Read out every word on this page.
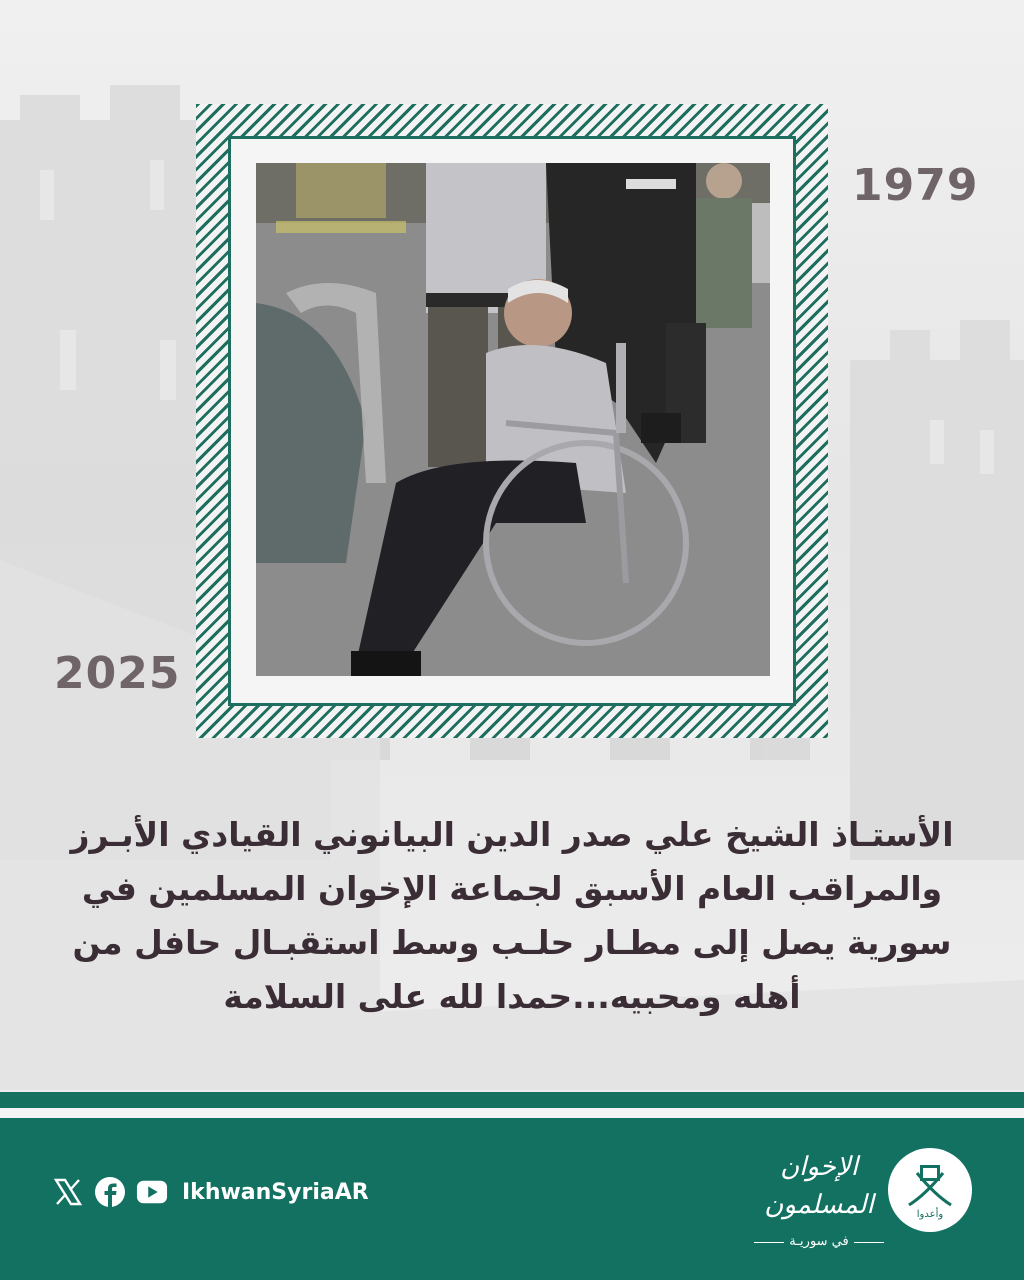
1979
2025
الأستـاذ الشيخ علي صدر الدين البيانوني القيادي الأبـرز
والمراقب العام الأسبق لجماعة الإخوان المسلمين في
سورية يصل إلى مطـار حلـب وسط استقبـال حافل من
أهله ومحبيه...حمدا لله على السلامة
IkhwanSyriaAR
الإخوان المسلمون
في سوريـة
وأعدوا
